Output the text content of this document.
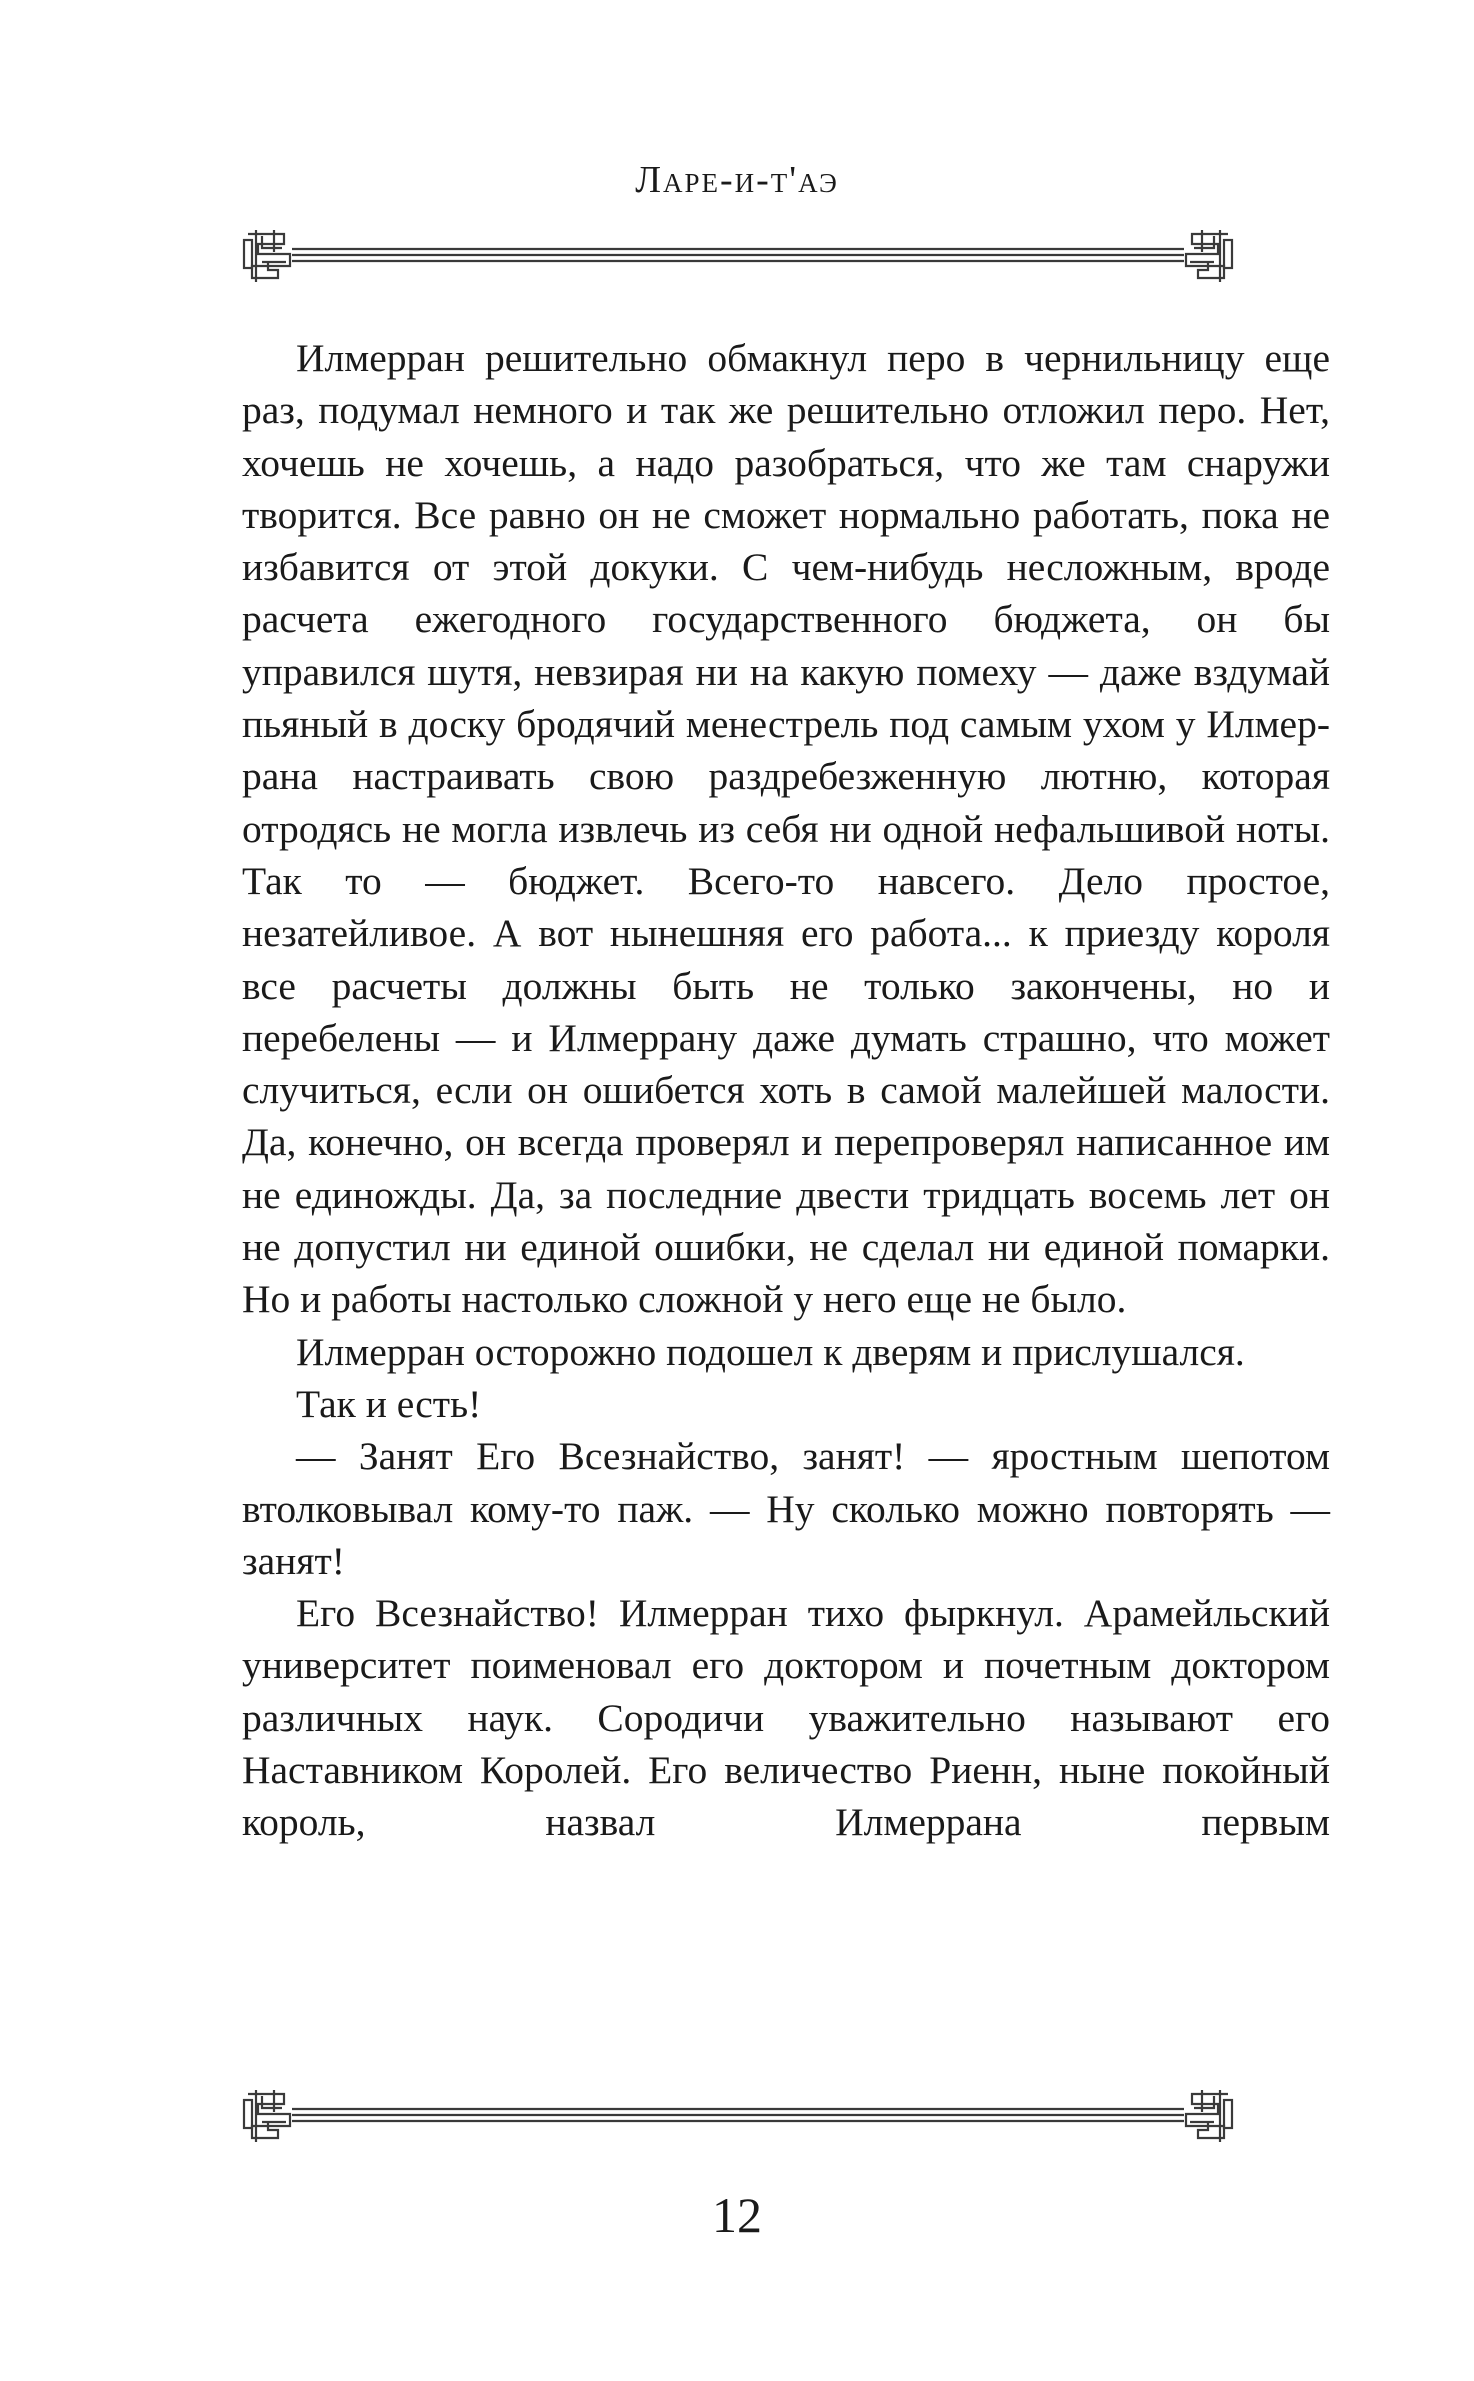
Ларе-и-т'аэ

Илмерран решительно обмакнул перо в чернильницу еще раз, подумал немного и так же решительно отложил перо. Нет, хочешь не хочешь, а надо разобраться, что же там снаружи творится. Все равно он не сможет нормально работать, пока не избавится от этой докуки. С чем-нибудь несложным, вроде расчета ежегодного государственного бюджета, он бы управился шутя, невзирая ни на какую помеху — даже вздумай пьяный в доску бродячий менестрель под самым ухом у Илмеррана настраивать свою раздребезженную лютню, которая отродясь не могла извлечь из себя ни одной нефальшивой ноты. Так то — бюджет. Всего-то навсего. Дело простое, незатейливое. А вот нынешняя его работа... к приезду короля все расчеты должны быть не только закончены, но и перебелены — и Илмеррану даже думать страшно, что может случиться, если он ошибется хоть в самой малейшей малости. Да, конечно, он всегда проверял и перепроверял написанное им не единожды. Да, за последние двести тридцать восемь лет он не допустил ни единой ошибки, не сделал ни единой помарки. Но и работы настолько сложной у него еще не было.

Илмерран осторожно подошел к дверям и прислушался.

Так и есть!

— Занят Его Всезнайство, занят! — яростным шепотом втолковывал кому-то паж. — Ну сколько можно повторять — занят!

Его Всезнайство! Илмерран тихо фыркнул. Арамейльский университет поименовал его доктором и почетным доктором различных наук. Сородичи уважительно называют его Наставником Королей. Его величество Риенн, ныне покойный король, назвал Илмеррана первым

12
